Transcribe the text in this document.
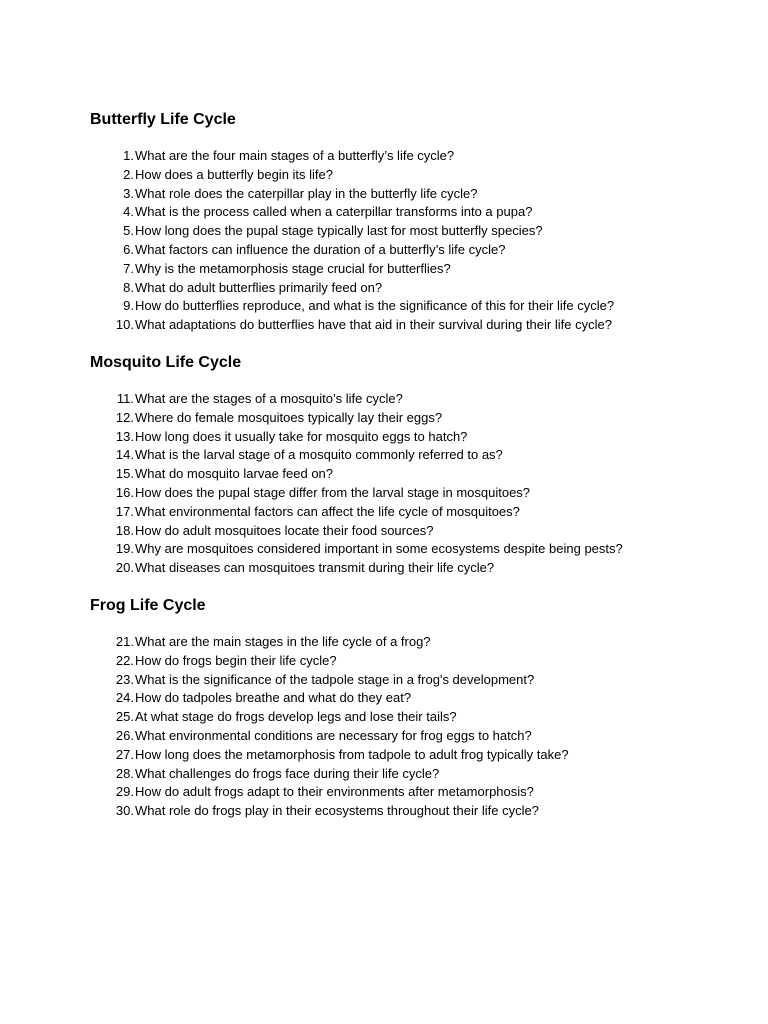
Butterfly Life Cycle
1. What are the four main stages of a butterfly’s life cycle?
2. How does a butterfly begin its life?
3. What role does the caterpillar play in the butterfly life cycle?
4. What is the process called when a caterpillar transforms into a pupa?
5. How long does the pupal stage typically last for most butterfly species?
6. What factors can influence the duration of a butterfly’s life cycle?
7. Why is the metamorphosis stage crucial for butterflies?
8. What do adult butterflies primarily feed on?
9. How do butterflies reproduce, and what is the significance of this for their life cycle?
10. What adaptations do butterflies have that aid in their survival during their life cycle?
Mosquito Life Cycle
11. What are the stages of a mosquito’s life cycle?
12. Where do female mosquitoes typically lay their eggs?
13. How long does it usually take for mosquito eggs to hatch?
14. What is the larval stage of a mosquito commonly referred to as?
15. What do mosquito larvae feed on?
16. How does the pupal stage differ from the larval stage in mosquitoes?
17. What environmental factors can affect the life cycle of mosquitoes?
18. How do adult mosquitoes locate their food sources?
19. Why are mosquitoes considered important in some ecosystems despite being pests?
20. What diseases can mosquitoes transmit during their life cycle?
Frog Life Cycle
21. What are the main stages in the life cycle of a frog?
22. How do frogs begin their life cycle?
23. What is the significance of the tadpole stage in a frog's development?
24. How do tadpoles breathe and what do they eat?
25. At what stage do frogs develop legs and lose their tails?
26. What environmental conditions are necessary for frog eggs to hatch?
27. How long does the metamorphosis from tadpole to adult frog typically take?
28. What challenges do frogs face during their life cycle?
29. How do adult frogs adapt to their environments after metamorphosis?
30. What role do frogs play in their ecosystems throughout their life cycle?
